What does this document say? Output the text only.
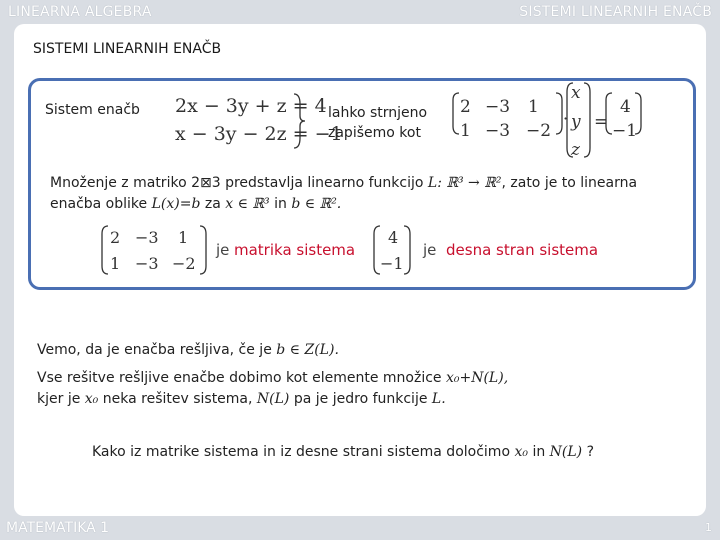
LINEARNA ALGEBRA	SISTEMI LINEARNIH ENAČB
SISTEMI LINEARNIH ENAČB
Sistem enačb 2x − 3y + z = 4
x − 3y − 2z = −1
lahko strnjeno
zapišemo kot
2 −3 1
1 −3 −2
·
x
y
z
=
4
−1
Množenje z matriko 2⊠3 predstavlja linearno funkcijo L: ℝ³ → ℝ², zato je to linearna
enačba oblike L(x)=b za x ∈ ℝ³ in b ∈ ℝ².
2 −3 1
1 −3 −2
je matrika sistema
4
−1
je desna stran sistema
Vemo, da je enačba rešljiva, če je b ∈ Z(L).
Vse rešitve rešljive enačbe dobimo kot elemente množice x₀+N(L),
kjer je x₀ neka rešitev sistema, N(L) pa je jedro funkcije L.
Kako iz matrike sistema in iz desne strani sistema določimo x₀ in N(L) ?
MATEMATIKA 1	1
